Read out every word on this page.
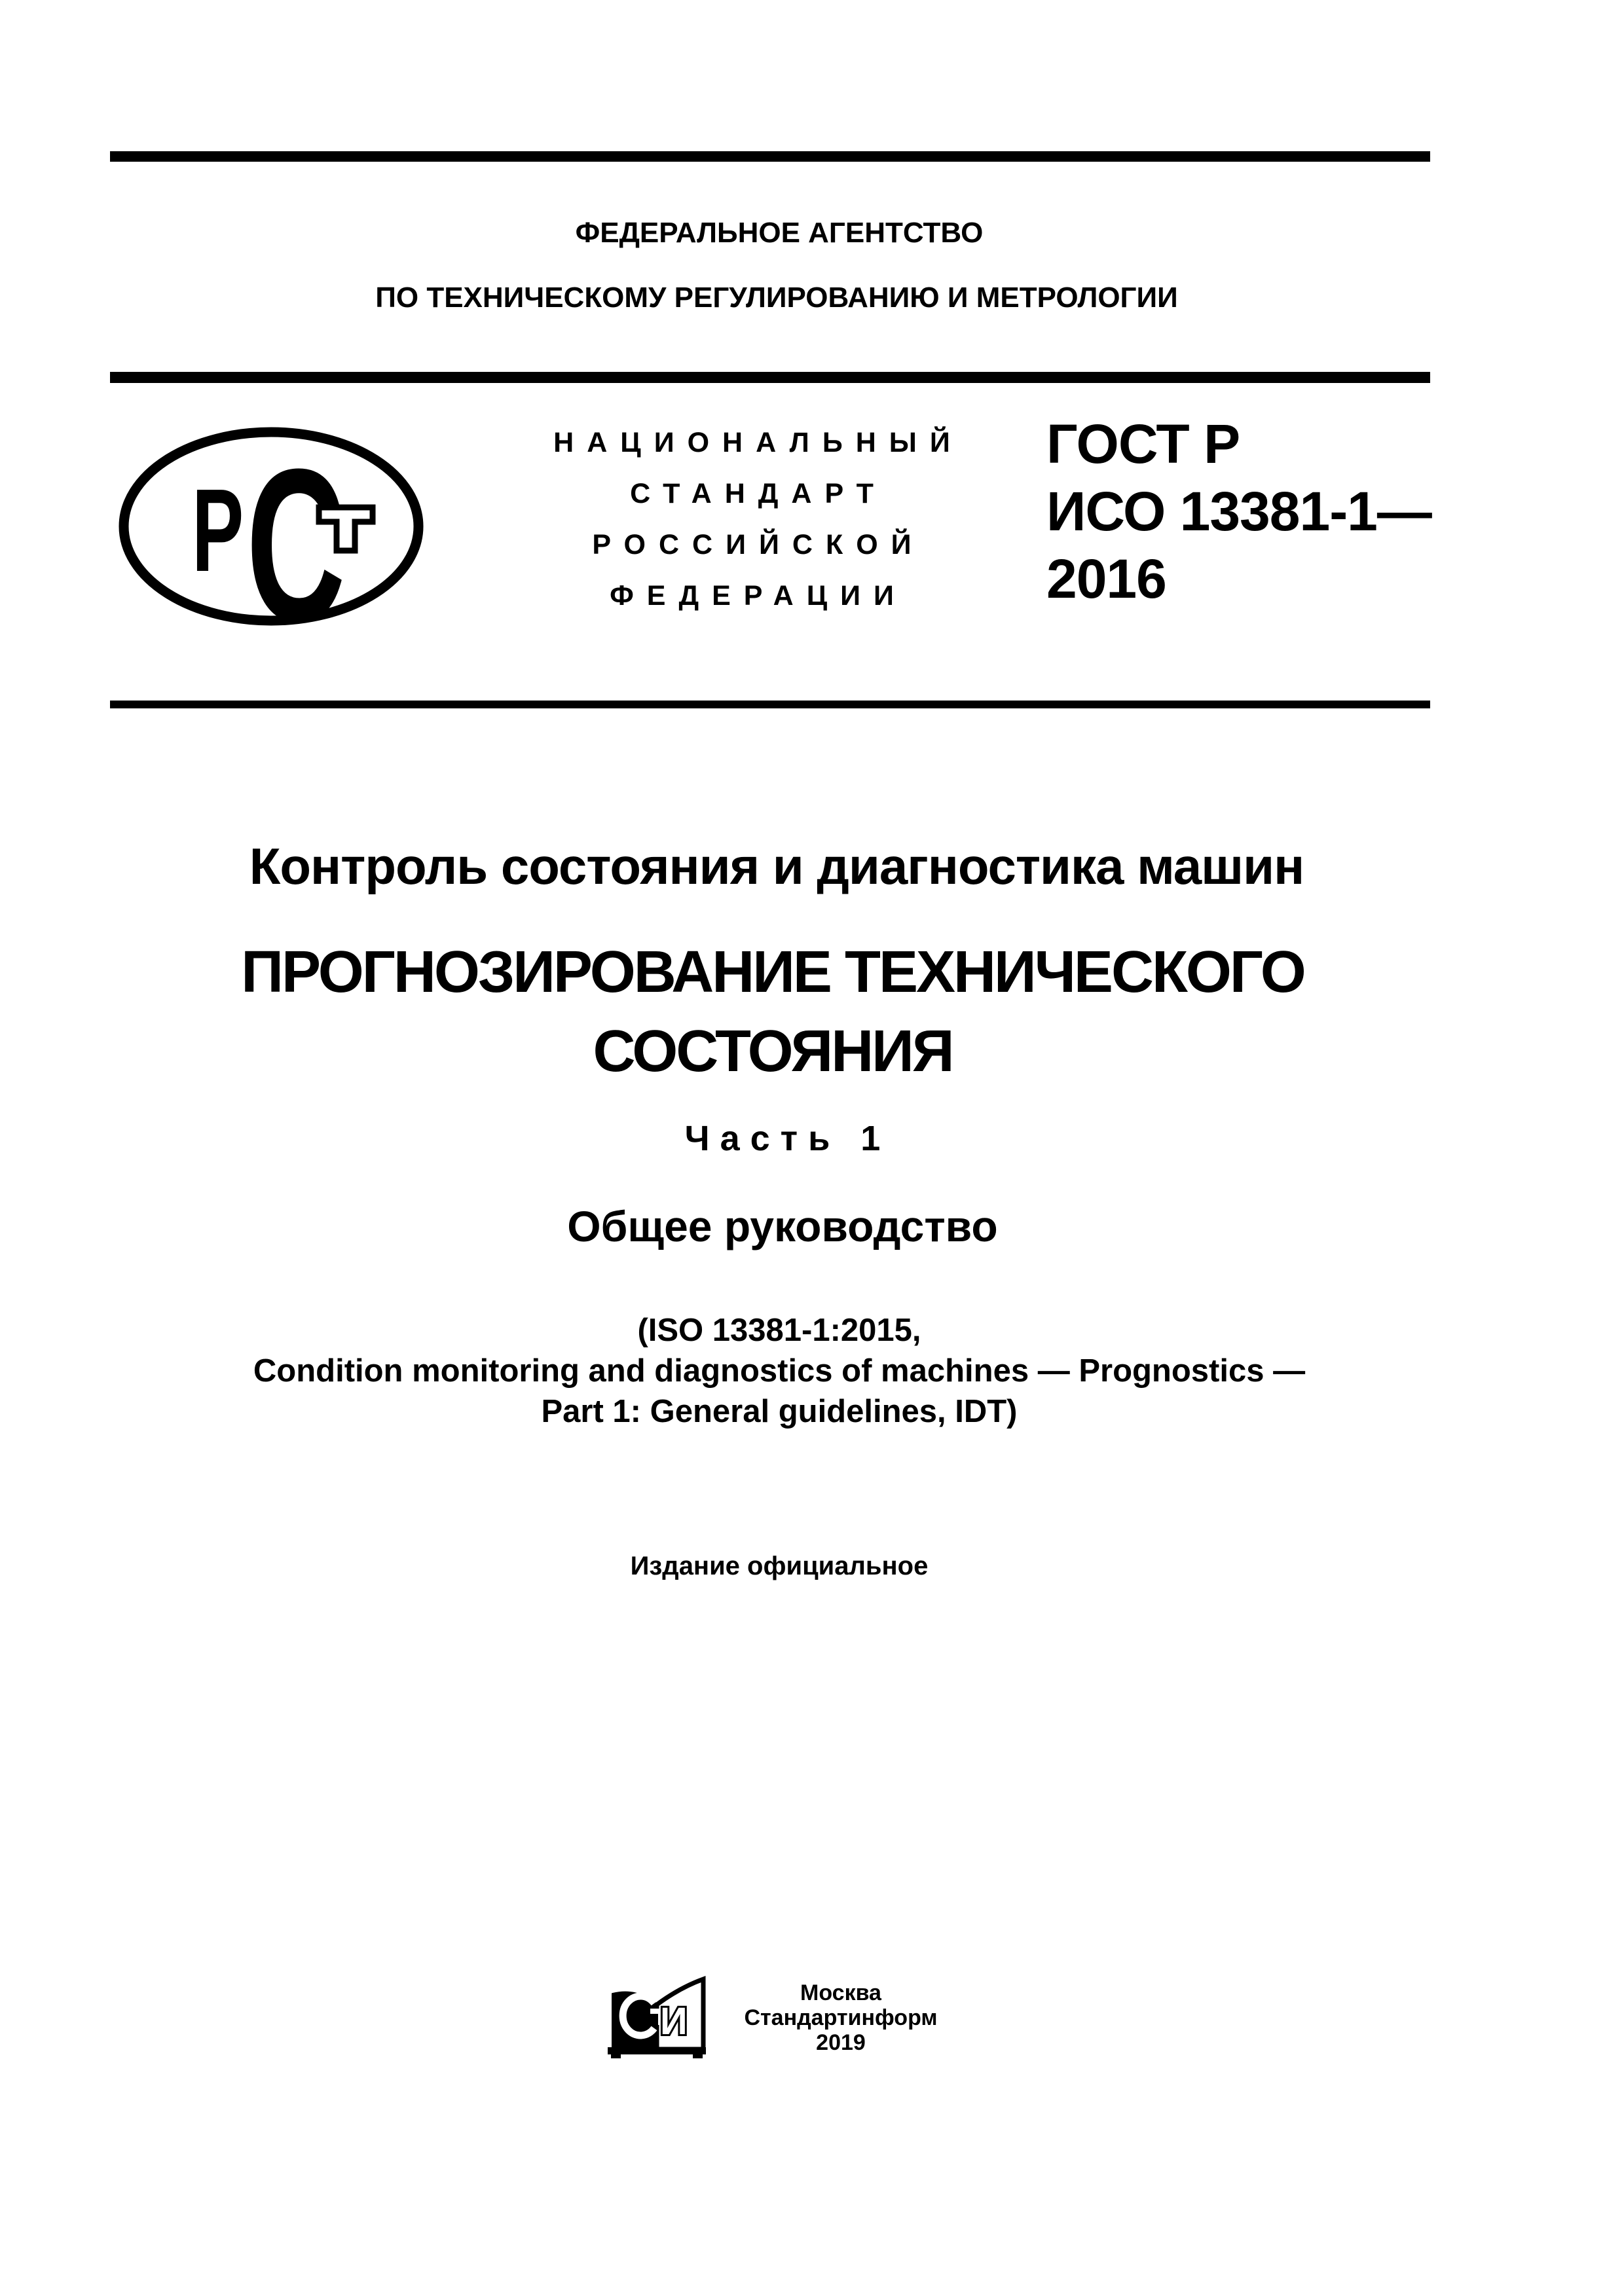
ФЕДЕРАЛЬНОЕ АГЕНТСТВО
ПО ТЕХНИЧЕСКОМУ РЕГУЛИРОВАНИЮ И МЕТРОЛОГИИ
С
Р
НАЦИОНАЛЬНЫЙ
СТАНДАРТ
РОССИЙСКОЙ
ФЕДЕРАЦИИ
ГОСТ Р
ИСО 13381-1—
2016
Контроль состояния и диагностика машин
ПРОГНОЗИРОВАНИЕ ТЕХНИЧЕСКОГО
СОСТОЯНИЯ
Часть 1
Общее руководство
(ISO 13381-1:2015,
Condition monitoring and diagnostics of machines — Prognostics —
Part 1: General guidelines, IDT)
Издание официальное
И
Москва
Стандартинформ
2019
